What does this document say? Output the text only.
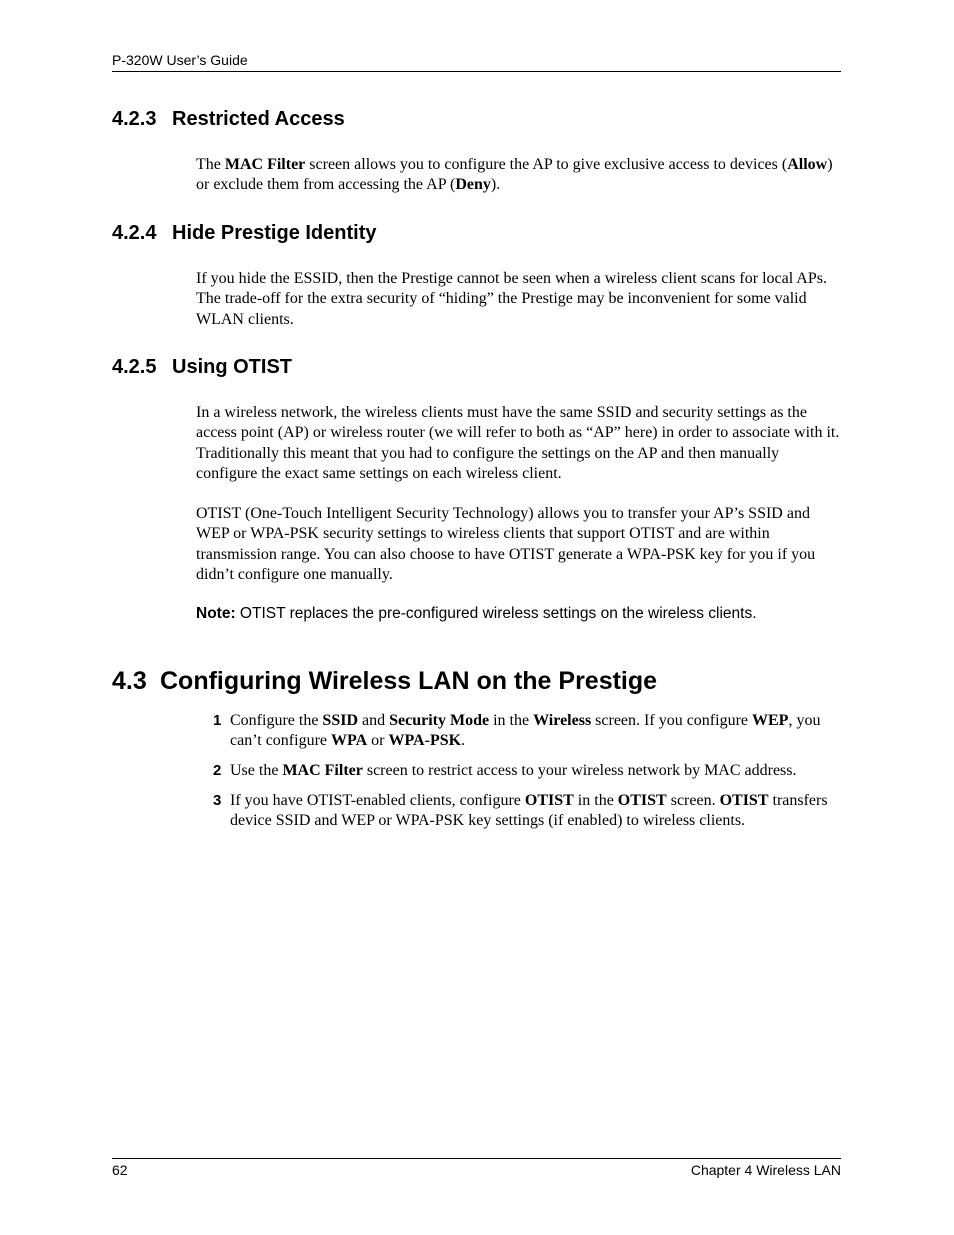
P-320W User’s Guide
4.2.3 Restricted Access

The MAC Filter screen allows you to configure the AP to give exclusive access to devices (Allow) or exclude them from accessing the AP (Deny).

4.2.4 Hide Prestige Identity

If you hide the ESSID, then the Prestige cannot be seen when a wireless client scans for local APs. The trade-off for the extra security of “hiding” the Prestige may be inconvenient for some valid WLAN clients.

4.2.5 Using OTIST

In a wireless network, the wireless clients must have the same SSID and security settings as the access point (AP) or wireless router (we will refer to both as “AP” here) in order to associate with it. Traditionally this meant that you had to configure the settings on the AP and then manually configure the exact same settings on each wireless client.

OTIST (One-Touch Intelligent Security Technology) allows you to transfer your AP’s SSID and WEP or WPA-PSK security settings to wireless clients that support OTIST and are within transmission range. You can also choose to have OTIST generate a WPA-PSK key for you if you didn’t configure one manually.

Note: OTIST replaces the pre-configured wireless settings on the wireless clients.

4.3 Configuring Wireless LAN on the Prestige
1 Configure the SSID and Security Mode in the Wireless screen. If you configure WEP, you can’t configure WPA or WPA-PSK.
2 Use the MAC Filter screen to restrict access to your wireless network by MAC address.
3 If you have OTIST-enabled clients, configure OTIST in the OTIST screen. OTIST transfers device SSID and WEP or WPA-PSK key settings (if enabled) to wireless clients.
62	Chapter 4 Wireless LAN
